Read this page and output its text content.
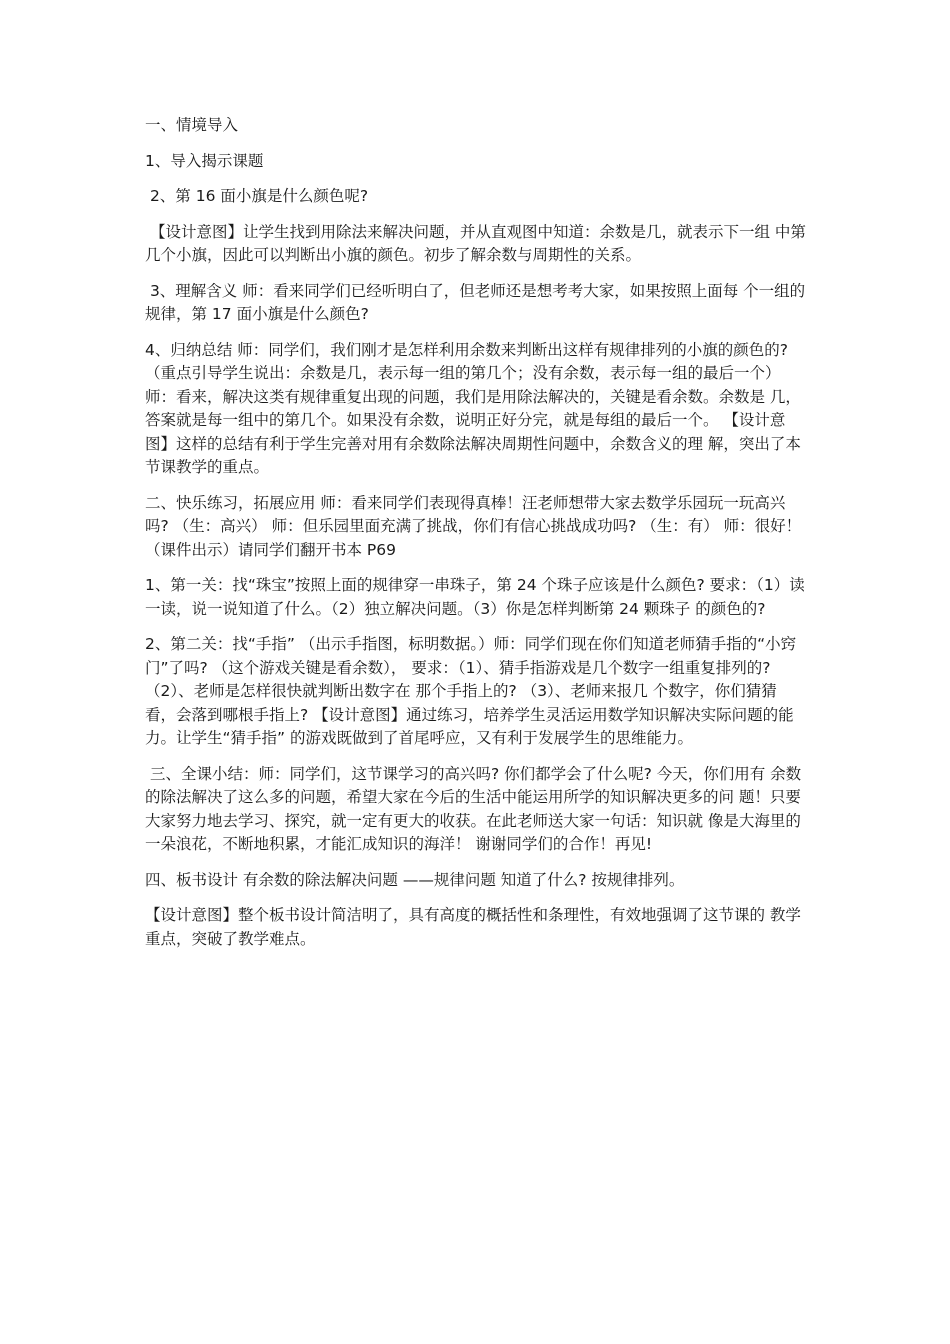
一、情境导入

1、导入揭示课题

2、第 16 面小旗是什么颜色呢?

【设计意图】让学生找到用除法来解决问题，并从直观图中知道：余数是几，就表示下一组 中第几个小旗，因此可以判断出小旗的颜色。初步了解余数与周期性的关系。

3、理解含义 师：看来同学们已经听明白了，但老师还是想考考大家，如果按照上面每 个一组的规律，第 17 面小旗是什么颜色?

4、归纳总结 师：同学们，我们刚才是怎样利用余数来判断出这样有规律排列的小旗的颜色的? （重点引导学生说出：余数是几，表示每一组的第几个；没有余数，表示每一组的最后一个） 师：看来，解决这类有规律重复出现的问题，我们是用除法解决的，关键是看余数。余数是 几，答案就是每一组中的第几个。如果没有余数，说明正好分完，就是每组的最后一个。 【设计意图】这样的总结有利于学生完善对用有余数除法解决周期性问题中，余数含义的理 解，突出了本节课教学的重点。

二、快乐练习，拓展应用 师：看来同学们表现得真棒！汪老师想带大家去数学乐园玩一玩高兴吗? （生：高兴） 师：但乐园里面充满了挑战，你们有信心挑战成功吗? （生：有） 师：很好！ （课件出示）请同学们翻开书本 P69

1、第一关：找“珠宝”按照上面的规律穿一串珠子，第 24 个珠子应该是什么颜色? 要求：（1）读一读，说一说知道了什么。（2）独立解决问题。（3）你是怎样判断第 24 颗珠子 的颜色的?

2、第二关：找“手指” （出示手指图，标明数据。）师：同学们现在你们知道老师猜手指的“小窍门”了吗? （这个游戏关键是看余数）， 要求：（1）、猜手指游戏是几个数字一组重复排列的? （2）、老师是怎样很快就判断出数字在 那个手指上的? （3）、老师来报几 个数字，你们猜猜看，会落到哪根手指上? 【设计意图】通过练习，培养学生灵活运用数学知识解决实际问题的能力。让学生“猜手指” 的游戏既做到了首尾呼应，又有利于发展学生的思维能力。

三、全课小结：师：同学们，这节课学习的高兴吗? 你们都学会了什么呢? 今天，你们用有 余数的除法解决了这么多的问题，希望大家在今后的生活中能运用所学的知识解决更多的问 题！只要大家努力地去学习、探究，就一定有更大的收获。在此老师送大家一句话：知识就 像是大海里的一朵浪花，不断地积累，才能汇成知识的海洋！ 谢谢同学们的合作！再见!

四、板书设计 有余数的除法解决问题 ——规律问题 知道了什么? 按规律排列。

【设计意图】整个板书设计简洁明了，具有高度的概括性和条理性，有效地强调了这节课的 教学重点，突破了教学难点。
